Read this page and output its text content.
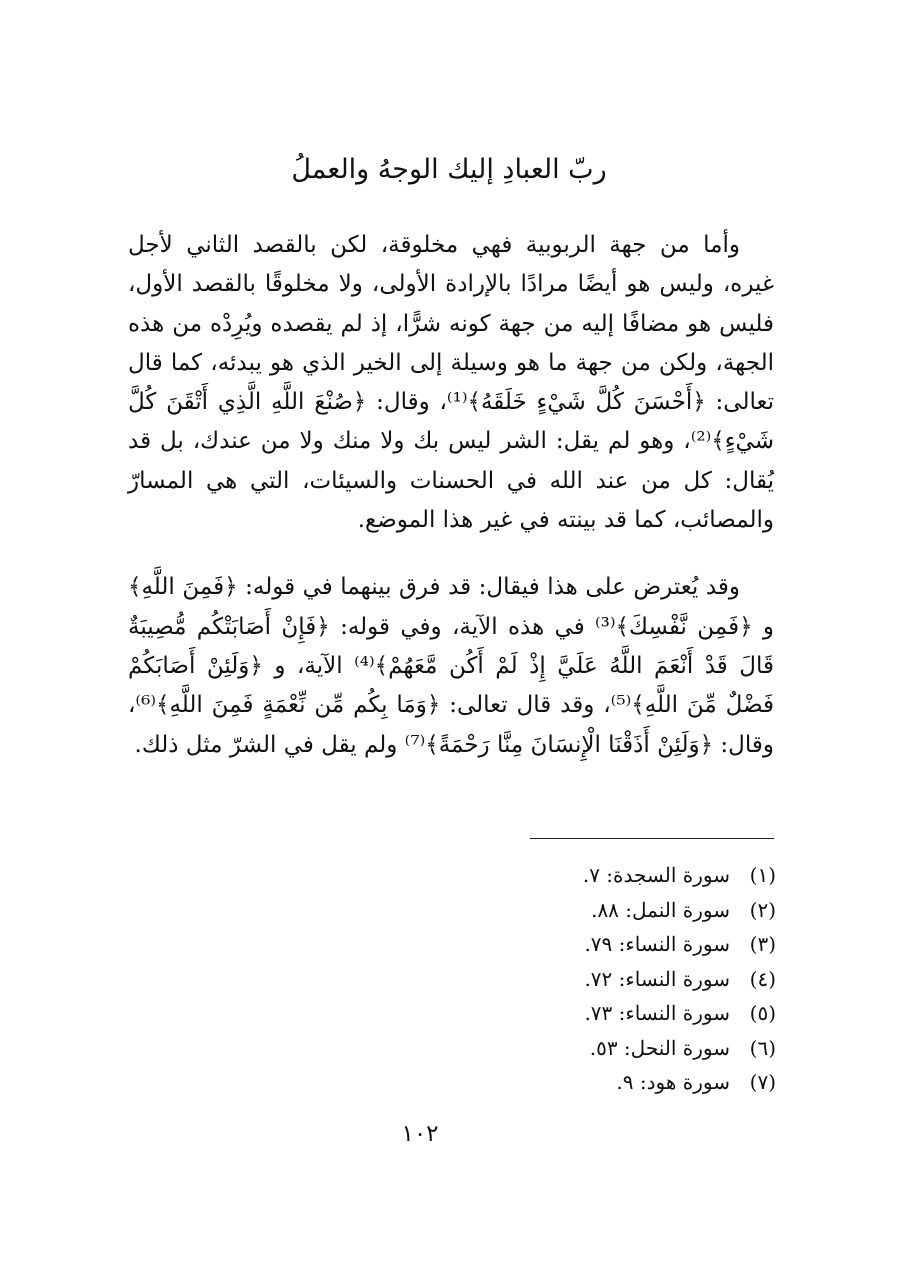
ربّ العبادِ إليك الوجهُ والعملُ

وأما من جهة الربوبية فهي مخلوقة، لكن بالقصد الثاني لأجل غيره، وليس هو أيضًا مرادًا بالإرادة الأولى، ولا مخلوقًا بالقصد الأول، فليس هو مضافًا إليه من جهة كونه شرًّا، إذ لم يقصده ويُرِدْه من هذه الجهة، ولكن من جهة ما هو وسيلة إلى الخير الذي هو يبدئه، كما قال تعالى: ﴿أَحْسَنَ كُلَّ شَيْءٍ خَلَقَهُ﴾⁽¹⁾، وقال: ﴿صُنْعَ اللَّهِ الَّذِي أَتْقَنَ كُلَّ شَيْءٍ﴾⁽²⁾، وهو لم يقل: الشر ليس بك ولا منك ولا من عندك، بل قد يُقال: كل من عند الله في الحسنات والسيئات، التي هي المسارّ والمصائب، كما قد بينته في غير هذا الموضع.

وقد يُعترض على هذا فيقال: قد فرق بينهما في قوله: ﴿فَمِنَ اللَّهِ﴾ و ﴿فَمِن نَّفْسِكَ﴾⁽³⁾ في هذه الآية، وفي قوله: ﴿فَإِنْ أَصَابَتْكُم مُّصِيبَةٌ قَالَ قَدْ أَنْعَمَ اللَّهُ عَلَيَّ إِذْ لَمْ أَكُن مَّعَهُمْ﴾⁽⁴⁾ الآية، و ﴿وَلَئِنْ أَصَابَكُمْ فَضْلٌ مِّنَ اللَّهِ﴾⁽⁵⁾، وقد قال تعالى: ﴿وَمَا بِكُم مِّن نِّعْمَةٍ فَمِنَ اللَّهِ﴾⁽⁶⁾، وقال: ﴿وَلَئِنْ أَذَقْنَا الْإِنسَانَ مِنَّا رَحْمَةً﴾⁽⁷⁾ ولم يقل في الشرّ مثل ذلك.

(١)
سورة السجدة: ٧.
(٢)
سورة النمل: ٨٨.
(٣)
سورة النساء: ٧٩.
(٤)
سورة النساء: ٧٢.
(٥)
سورة النساء: ٧٣.
(٦)
سورة النحل: ٥٣.
(٧)
سورة هود: ٩.
١٠٢
